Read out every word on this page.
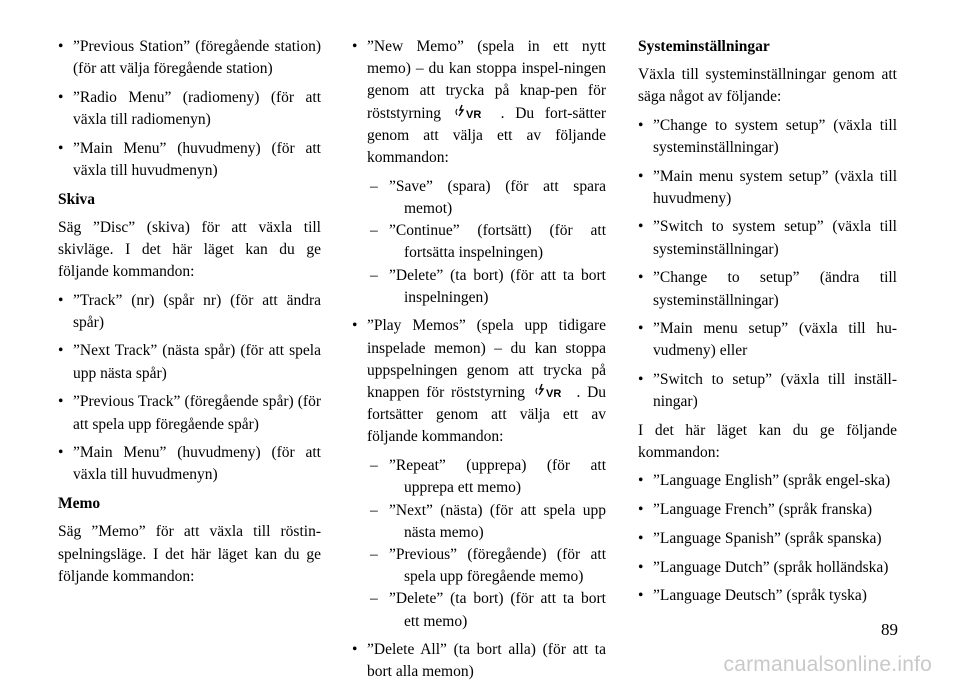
• ”Previous Station” (föregående station) (för att välja föregående station)
• ”Radio Menu” (radiomeny) (för att växla till radiomenyn)
• ”Main Menu” (huvudmeny) (för att växla till huvudmenyn)
Skiva
Säg ”Disc” (skiva) för att växla till skivläge. I det här läget kan du ge följande kommandon:
• ”Track” (nr) (spår nr) (för att ändra spår)
• ”Next Track” (nästa spår) (för att spela upp nästa spår)
• ”Previous Track” (föregående spår) (för att spela upp föregående spår)
• ”Main Menu” (huvudmeny) (för att växla till huvudmenyn)
Memo
Säg ”Memo” för att växla till röstin-spelningsläge. I det här läget kan du ge följande kommandon:
• ”New Memo” (spela in ett nytt memo) – du kan stoppa inspel-ningen genom att trycka på knap-pen för röststyrning VR . Du fort-sätter genom att välja ett av följande kommandon:
– ”Save” (spara) (för att spara memot)
– ”Continue” (fortsätt) (för att fortsätta inspelningen)
– ”Delete” (ta bort) (för att ta bort inspelningen)
• ”Play Memos” (spela upp tidigare inspelade memon) – du kan stoppa uppspelningen genom att trycka på knappen för röststyrning VR . Du fortsätter genom att välja ett av följande kommandon:
– ”Repeat” (upprepa) (för att upprepa ett memo)
– ”Next” (nästa) (för att spela upp nästa memo)
– ”Previous” (föregående) (för att spela upp föregående memo)
– ”Delete” (ta bort) (för att ta bort ett memo)
• ”Delete All” (ta bort alla) (för att ta bort alla memon)
Systeminställningar
Växla till systeminställningar genom att säga något av följande:
• ”Change to system setup” (växla till systeminställningar)
• ”Main menu system setup” (växla till huvudmeny)
• ”Switch to system setup” (växla till systeminställningar)
• ”Change to setup” (ändra till systeminställningar)
• ”Main menu setup” (växla till hu-vudmeny) eller
• ”Switch to setup” (växla till inställ-ningar)
I det här läget kan du ge följande kommandon:
• ”Language English” (språk engel-ska)
• ”Language French” (språk franska)
• ”Language Spanish” (språk spanska)
• ”Language Dutch” (språk holländska)
• ”Language Deutsch” (språk tyska)
89
carmanualsonline.info
